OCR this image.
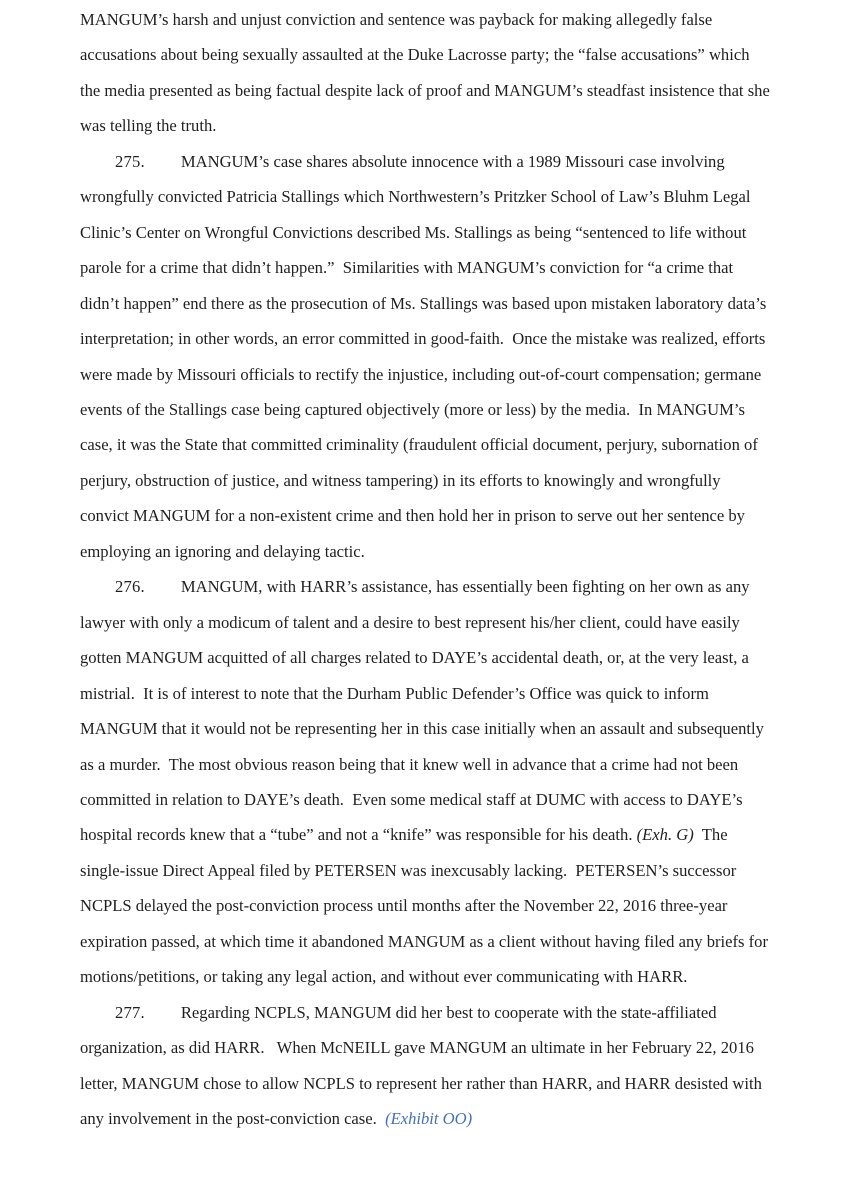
MANGUM’s harsh and unjust conviction and sentence was payback for making allegedly false accusations about being sexually assaulted at the Duke Lacrosse party; the “false accusations” which the media presented as being factual despite lack of proof and MANGUM’s steadfast insistence that she was telling the truth.

275. MANGUM’s case shares absolute innocence with a 1989 Missouri case involving wrongfully convicted Patricia Stallings which Northwestern’s Pritzker School of Law’s Bluhm Legal Clinic’s Center on Wrongful Convictions described Ms. Stallings as being “sentenced to life without parole for a crime that didn’t happen.”  Similarities with MANGUM’s conviction for “a crime that didn’t happen” end there as the prosecution of Ms. Stallings was based upon mistaken laboratory data’s interpretation; in other words, an error committed in good-faith.  Once the mistake was realized, efforts were made by Missouri officials to rectify the injustice, including out-of-court compensation; germane events of the Stallings case being captured objectively (more or less) by the media.  In MANGUM’s case, it was the State that committed criminality (fraudulent official document, perjury, subornation of perjury, obstruction of justice, and witness tampering) in its efforts to knowingly and wrongfully convict MANGUM for a non-existent crime and then hold her in prison to serve out her sentence by employing an ignoring and delaying tactic.

276. MANGUM, with HARR’s assistance, has essentially been fighting on her own as any lawyer with only a modicum of talent and a desire to best represent his/her client, could have easily gotten MANGUM acquitted of all charges related to DAYE’s accidental death, or, at the very least, a mistrial.  It is of interest to note that the Durham Public Defender’s Office was quick to inform MANGUM that it would not be representing her in this case initially when an assault and subsequently as a murder.  The most obvious reason being that it knew well in advance that a crime had not been committed in relation to DAYE’s death.  Even some medical staff at DUMC with access to DAYE’s hospital records knew that a “tube” and not a “knife” was responsible for his death. (Exh. G)  The single-issue Direct Appeal filed by PETERSEN was inexcusably lacking.  PETERSEN’s successor NCPLS delayed the post-conviction process until months after the November 22, 2016 three-year expiration passed, at which time it abandoned MANGUM as a client without having filed any briefs for motions/petitions, or taking any legal action, and without ever communicating with HARR.

277. Regarding NCPLS, MANGUM did her best to cooperate with the state-affiliated organization, as did HARR.   When McNEILL gave MANGUM an ultimate in her February 22, 2016 letter, MANGUM chose to allow NCPLS to represent her rather than HARR, and HARR desisted with any involvement in the post-conviction case.  (Exhibit OO)
